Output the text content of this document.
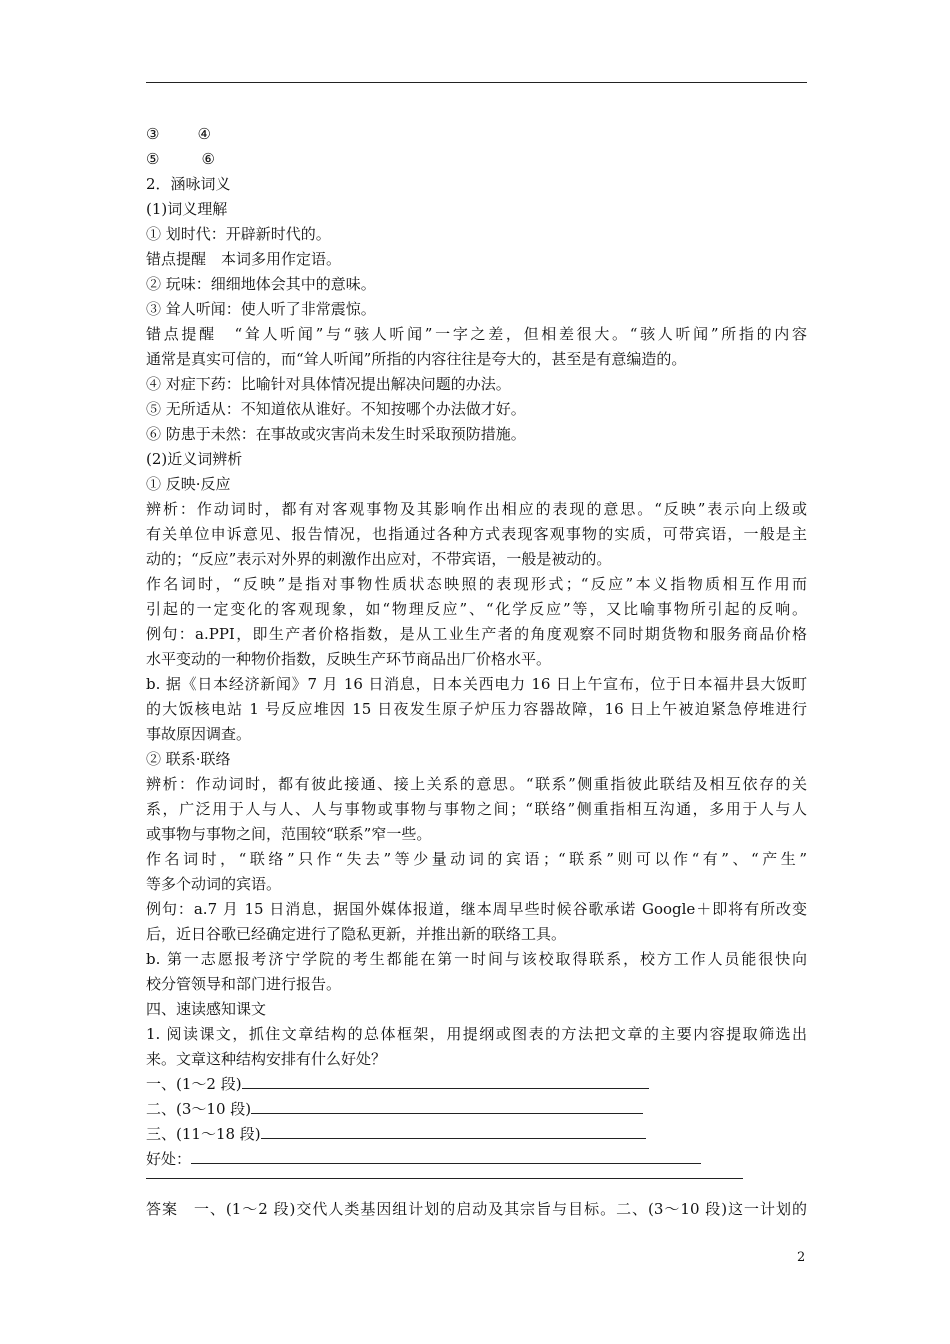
③	④
⑤	⑥
2．涵咏词义
(1)词义理解
① 划时代：开辟新时代的。
错点提醒　本词多用作定语。
② 玩味：细细地体会其中的意味。
③ 耸人听闻：使人听了非常震惊。
错点提醒　“耸人听闻”与“骇人听闻”一字之差，但相差很大。“骇人听闻”所指的内容
通常是真实可信的，而“耸人听闻”所指的内容往往是夸大的，甚至是有意编造的。
④ 对症下药：比喻针对具体情况提出解决问题的办法。
⑤ 无所适从：不知道依从谁好。不知按哪个办法做才好。
⑥ 防患于未然：在事故或灾害尚未发生时采取预防措施。
(2)近义词辨析
① 反映·反应
辨析：作动词时，都有对客观事物及其影响作出相应的表现的意思。“反映”表示向上级或
有关单位申诉意见、报告情况，也指通过各种方式表现客观事物的实质，可带宾语，一般是主
动的；“反应”表示对外界的刺激作出应对，不带宾语，一般是被动的。
作名词时，“反映”是指对事物性质状态映照的表现形式；“反应”本义指物质相互作用而
引起的一定变化的客观现象，如“物理反应”、“化学反应”等，又比喻事物所引起的反响。
例句：a.PPI，即生产者价格指数，是从工业生产者的角度观察不同时期货物和服务商品价格
水平变动的一种物价指数，反映生产环节商品出厂价格水平。
b. 据《日本经济新闻》7 月 16 日消息，日本关西电力 16 日上午宣布，位于日本福井县大饭町
的大饭核电站 1 号反应堆因 15 日夜发生原子炉压力容器故障，16 日上午被迫紧急停堆进行
事故原因调查。
② 联系·联络
辨析：作动词时，都有彼此接通、接上关系的意思。“联系”侧重指彼此联结及相互依存的关
系，广泛用于人与人、人与事物或事物与事物之间；“联络”侧重指相互沟通，多用于人与人
或事物与事物之间，范围较“联系”窄一些。
作名词时，“联络”只作“失去”等少量动词的宾语；“联系”则可以作“有”、“产生”
等多个动词的宾语。
例句：a.7 月 15 日消息，据国外媒体报道，继本周早些时候谷歌承诺 Google＋即将有所改变
后，近日谷歌已经确定进行了隐私更新，并推出新的联络工具。
b. 第一志愿报考济宁学院的考生都能在第一时间与该校取得联系，校方工作人员能很快向
校分管领导和部门进行报告。
四、速读感知课文
1. 阅读课文，抓住文章结构的总体框架，用提纲或图表的方法把文章的主要内容提取筛选出
来。文章这种结构安排有什么好处？
一、(1～2 段)
二、(3～10 段)
三、(11～18 段)
好处：
答案　一、(1～2 段)交代人类基因组计划的启动及其宗旨与目标。二、(3～10 段)这一计划的
2
